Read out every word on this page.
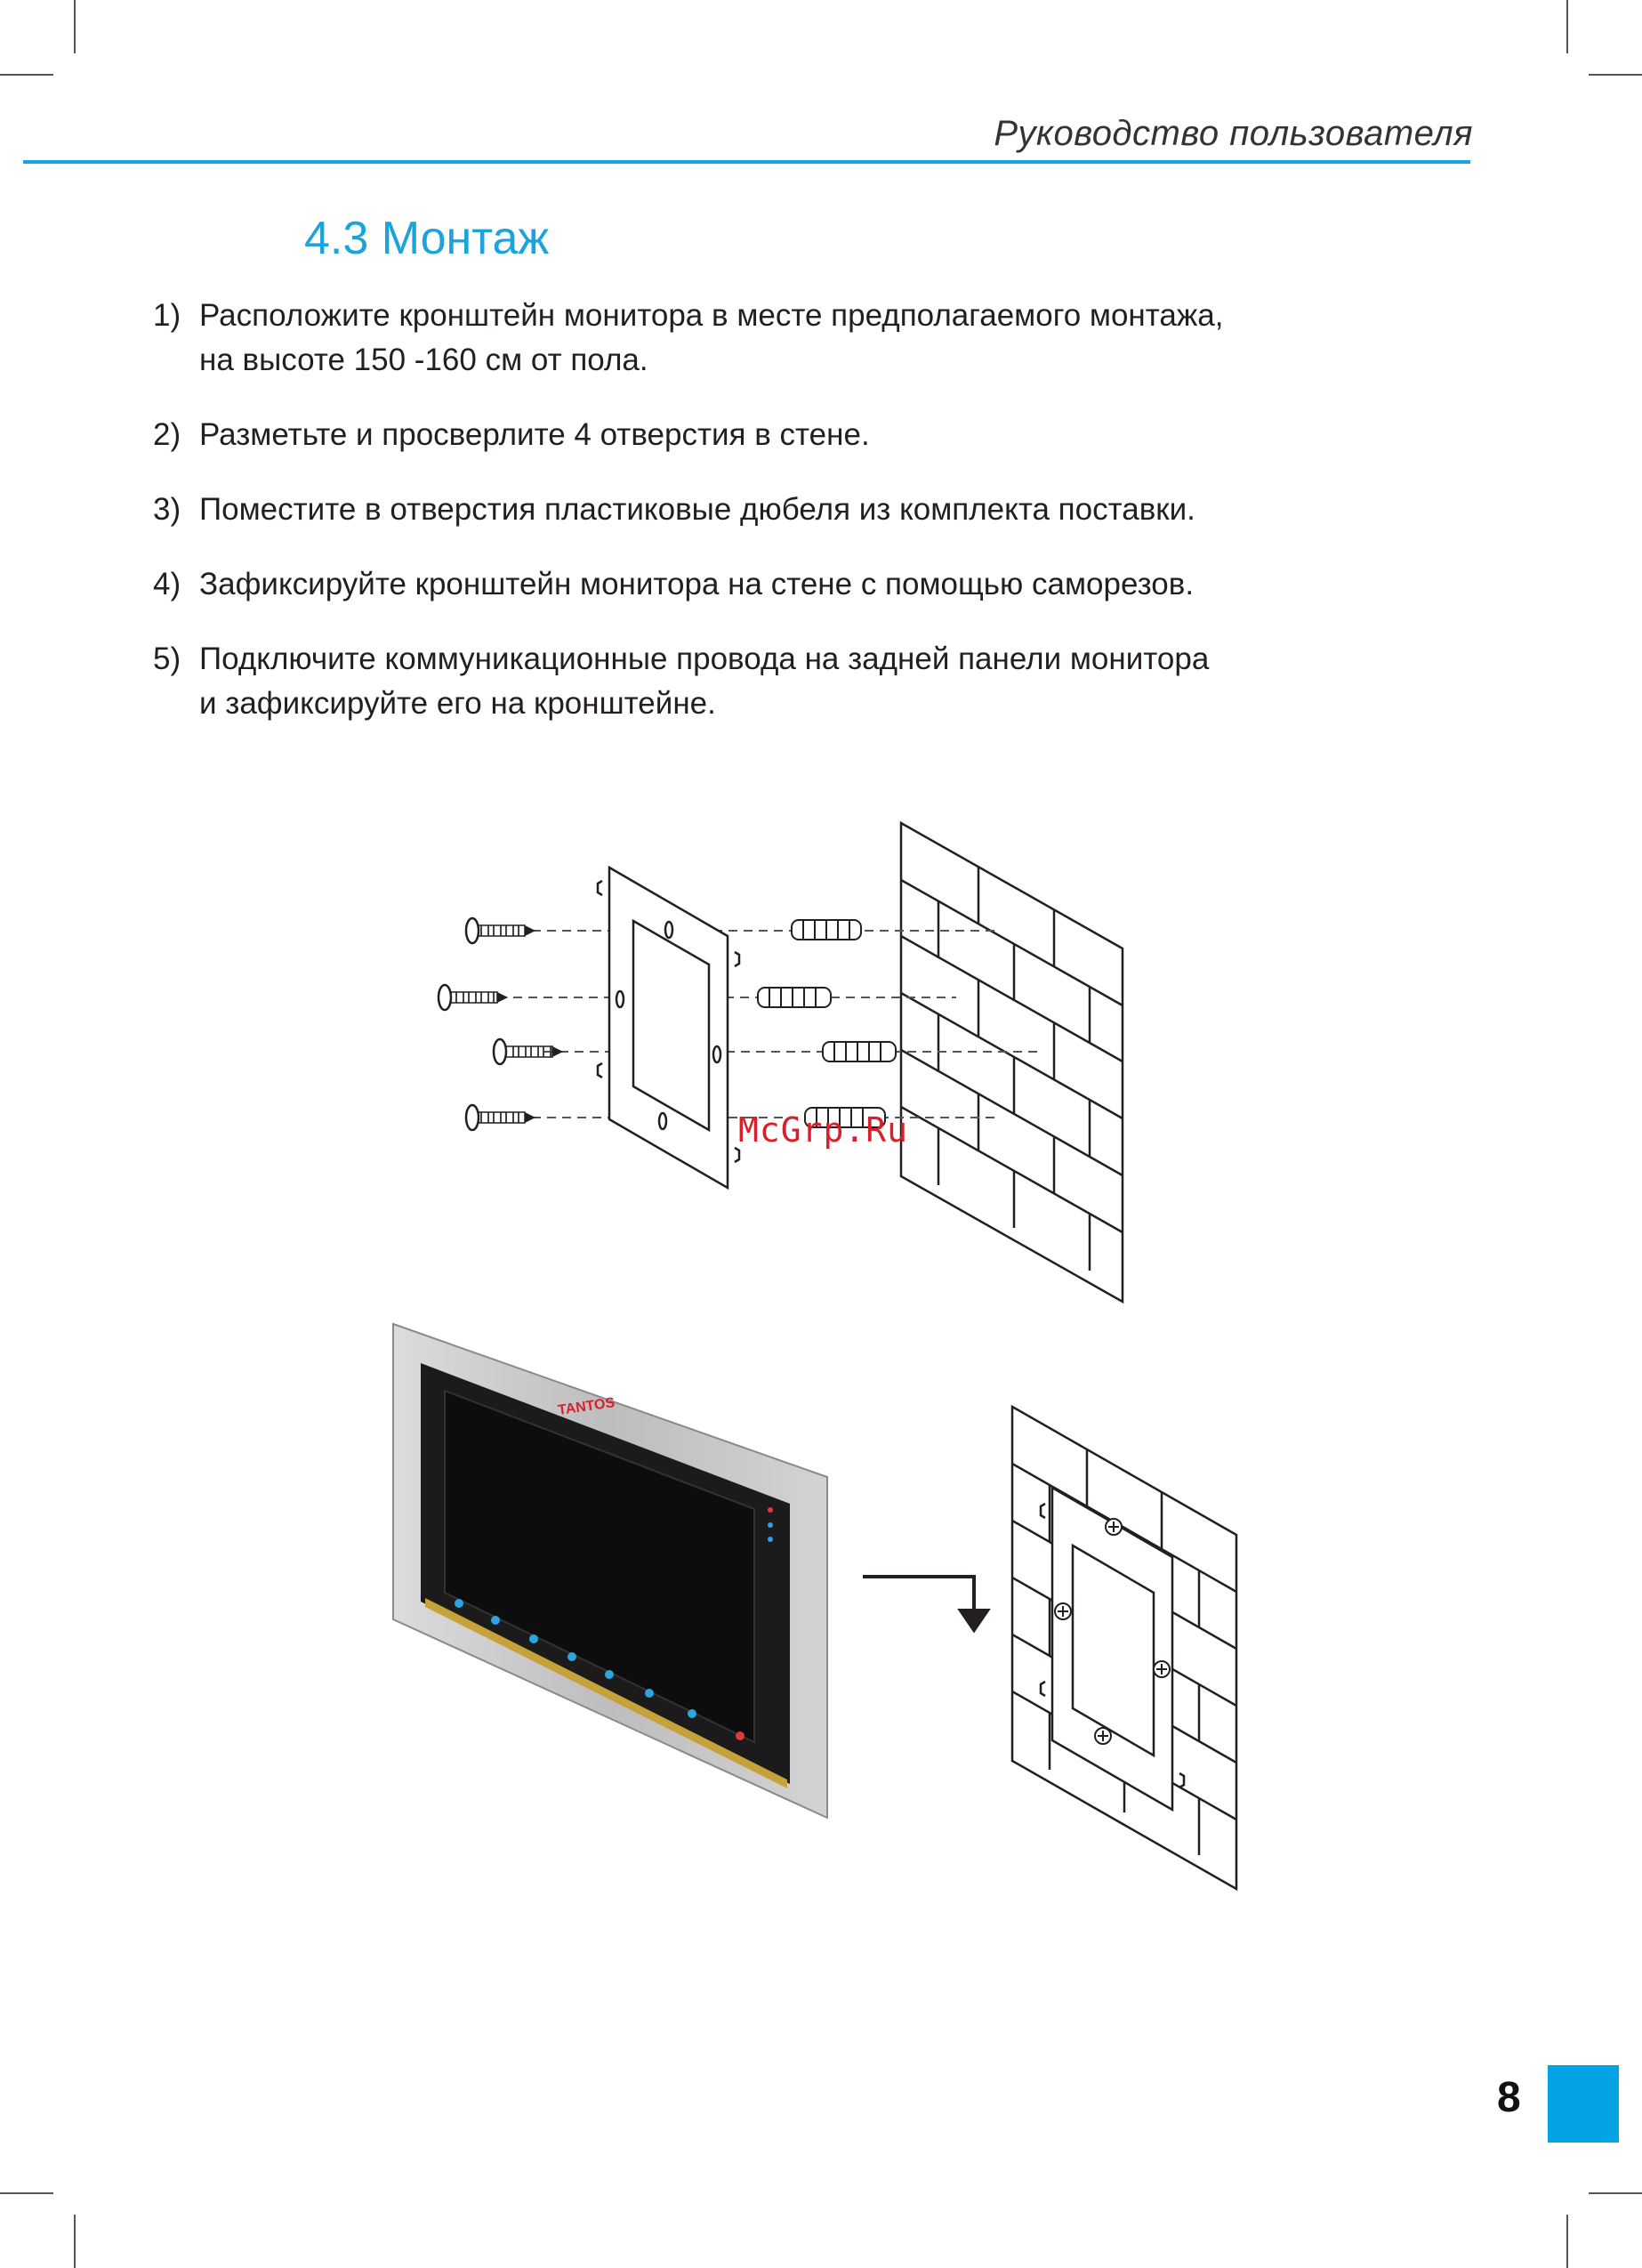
Руководство пользователя
4.3 Монтаж
1) Расположите кронштейн монитора в месте предполагаемого монтажа,
на высоте 150 -160 см от пола.
2) Разметьте и просверлите 4 отверстия в стене.
3) Поместите в отверстия пластиковые дюбеля из комплекта поставки.
4) Зафиксируйте кронштейн монитора на стене с помощью саморезов.
5) Подключите коммуникационные провода на задней панели монитора
и зафиксируйте его на кронштейне.
TANTOS
McGrp.Ru
8
